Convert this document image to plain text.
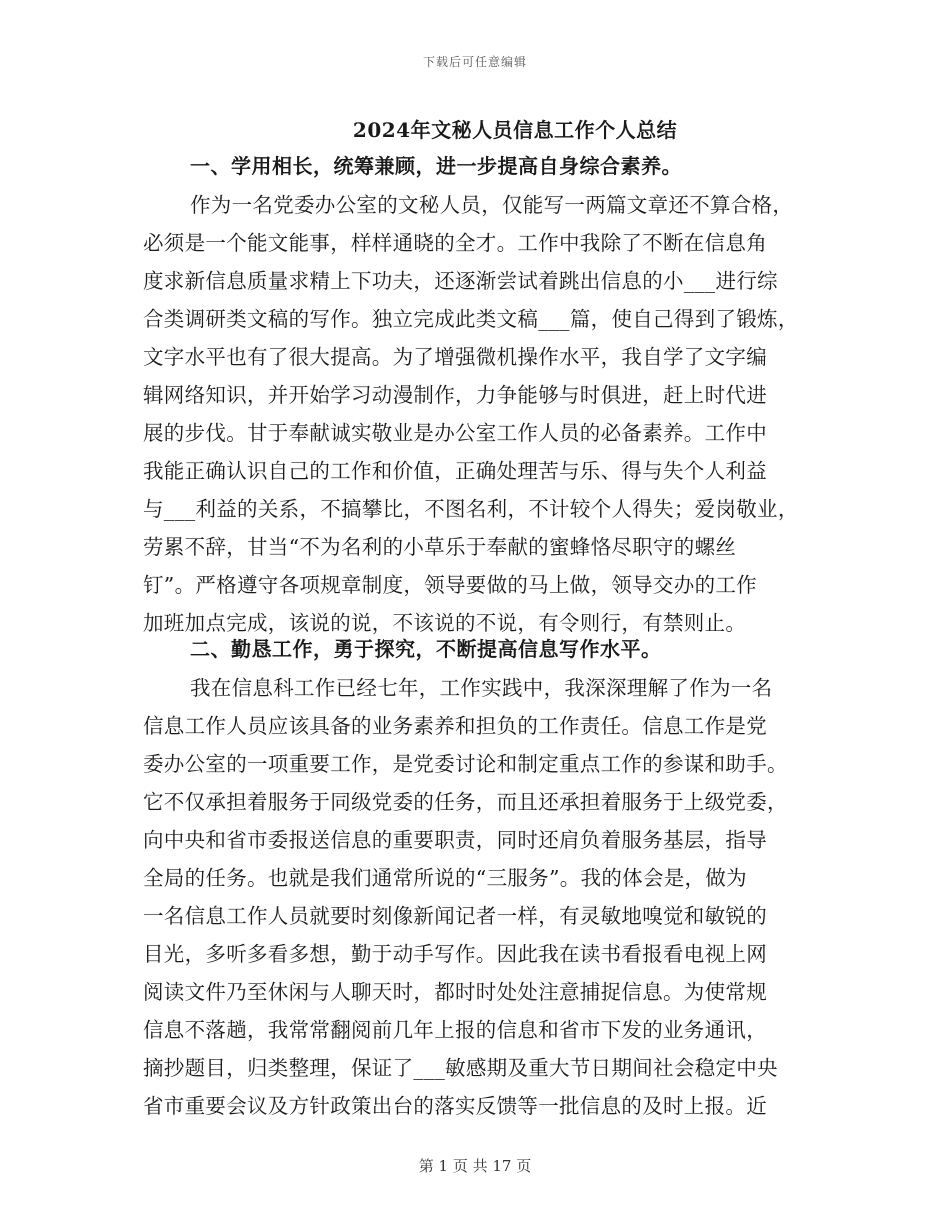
下载后可任意编辑
2024年文秘人员信息工作个人总结
一、学用相长，统筹兼顾，进一步提高自身综合素养。
作为一名党委办公室的文秘人员，仅能写一两篇文章还不算合格，
必须是一个能文能事，样样通晓的全才。工作中我除了不断在信息角
度求新信息质量求精上下功夫，还逐渐尝试着跳出信息的小___进行综
合类调研类文稿的写作。独立完成此类文稿___篇，使自己得到了锻炼，
文字水平也有了很大提高。为了增强微机操作水平，我自学了文字编
辑网络知识，并开始学习动漫制作，力争能够与时俱进，赶上时代进
展的步伐。甘于奉献诚实敬业是办公室工作人员的必备素养。工作中
我能正确认识自己的工作和价值，正确处理苦与乐、得与失个人利益
与___利益的关系，不搞攀比，不图名利，不计较个人得失；爱岗敬业，
劳累不辞，甘当“不为名利的小草乐于奉献的蜜蜂恪尽职守的螺丝
钉”。严格遵守各项规章制度，领导要做的马上做，领导交办的工作
加班加点完成，该说的说，不该说的不说，有令则行，有禁则止。
二、勤恳工作，勇于探究，不断提高信息写作水平。
我在信息科工作已经七年，工作实践中，我深深理解了作为一名
信息工作人员应该具备的业务素养和担负的工作责任。信息工作是党
委办公室的一项重要工作，是党委讨论和制定重点工作的参谋和助手。
它不仅承担着服务于同级党委的任务，而且还承担着服务于上级党委，
向中央和省市委报送信息的重要职责，同时还肩负着服务基层，指导
全局的任务。也就是我们通常所说的“三服务”。我的体会是，做为
一名信息工作人员就要时刻像新闻记者一样，有灵敏地嗅觉和敏锐的
目光，多听多看多想，勤于动手写作。因此我在读书看报看电视上网
阅读文件乃至休闲与人聊天时，都时时处处注意捕捉信息。为使常规
信息不落趟，我常常翻阅前几年上报的信息和省市下发的业务通讯，
摘抄题目，归类整理，保证了___敏感期及重大节日期间社会稳定中央
省市重要会议及方针政策出台的落实反馈等一批信息的及时上报。近
第 1 页 共 17 页
